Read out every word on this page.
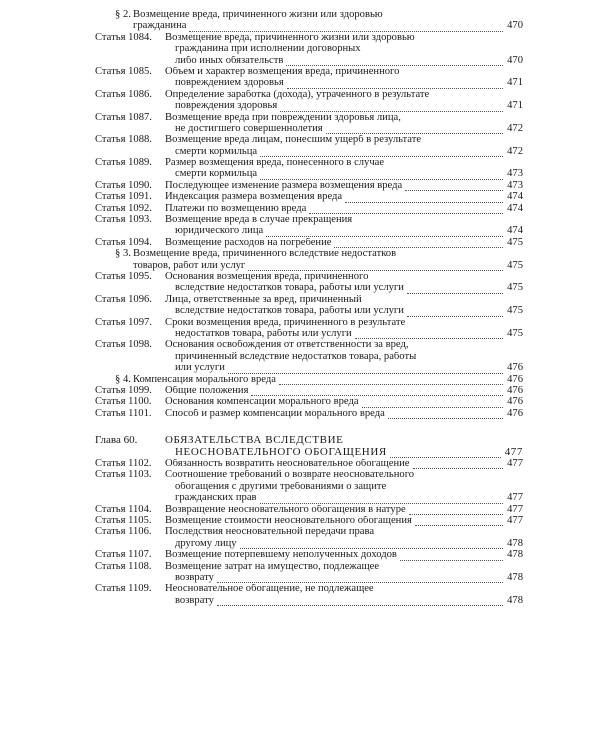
§ 2. Возмещение вреда, причиненного жизни или здоровью
гражданина	470
Статья 1084. Возмещение вреда, причиненного жизни или здоровью
гражданина при исполнении договорных
либо иных обязательств	470
Статья 1085. Объем и характер возмещения вреда, причиненного
повреждением здоровья	471
Статья 1086. Определение заработка (дохода), утраченного в результате
повреждения здоровья	471
Статья 1087. Возмещение вреда при повреждении здоровья лица,
не достигшего совершеннолетия	472
Статья 1088. Возмещение вреда лицам, понесшим ущерб в результате
смерти кормильца	472
Статья 1089. Размер возмещения вреда, понесенного в случае
смерти кормильца	473
Статья 1090. Последующее изменение размера возмещения вреда	473
Статья 1091. Индексация размера возмещения вреда	474
Статья 1092. Платежи по возмещению вреда	474
Статья 1093. Возмещение вреда в случае прекращения
юридического лица	474
Статья 1094. Возмещение расходов на погребение	475
§ 3. Возмещение вреда, причиненного вследствие недостатков
товаров, работ или услуг	475
Статья 1095. Основания возмещения вреда, причиненного
вследствие недостатков товара, работы или услуги	475
Статья 1096. Лица, ответственные за вред, причиненный
вследствие недостатков товара, работы или услуги	475
Статья 1097. Сроки возмещения вреда, причиненного в результате
недостатков товара, работы или услуги	475
Статья 1098. Основания освобождения от ответственности за вред,
причиненный вследствие недостатков товара, работы
или услуги	476
§ 4. Компенсация морального вреда	476
Статья 1099. Общие положения	476
Статья 1100. Основания компенсации морального вреда	476
Статья 1101. Способ и размер компенсации морального вреда	476
Глава 60.	ОБЯЗАТЕЛЬСТВА ВСЛЕДСТВИЕ
НЕОСНОВАТЕЛЬНОГО ОБОГАЩЕНИЯ	477
Статья 1102. Обязанность возвратить неосновательное обогащение	477
Статья 1103. Соотношение требований о возврате неосновательного
обогащения с другими требованиями о защите
гражданских прав	477
Статья 1104. Возвращение неосновательного обогащения в натуре	477
Статья 1105. Возмещение стоимости неосновательного обогащения	477
Статья 1106. Последствия неосновательной передачи права
другому лицу	478
Статья 1107. Возмещение потерпевшему неполученных доходов	478
Статья 1108. Возмещение затрат на имущество, подлежащее
возврату	478
Статья 1109. Неосновательное обогащение, не подлежащее
возврату	478
